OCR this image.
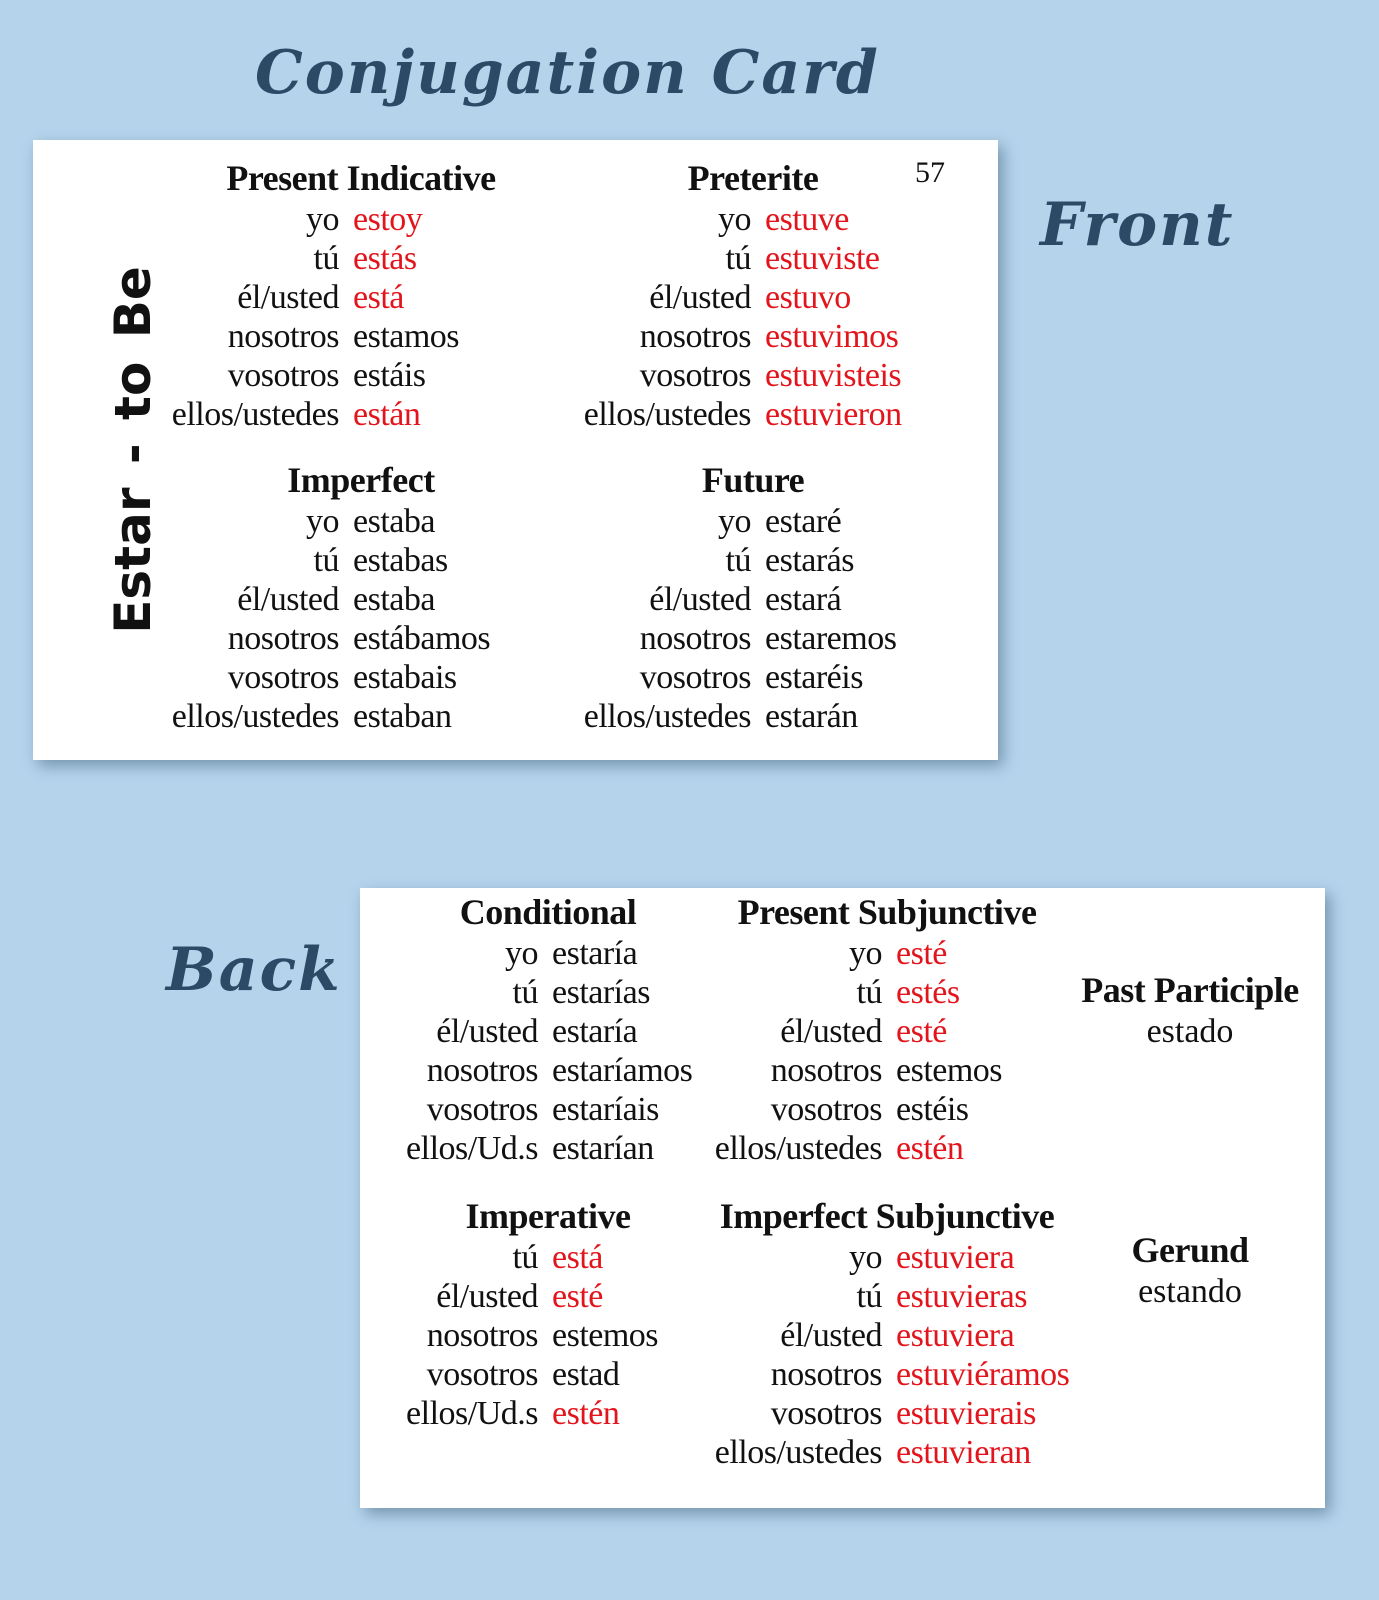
Conjugation Card
Front
Back
Estar - to Be
57
Present Indicative
yo estoy
tú estás
él/usted está
nosotros estamos
vosotros estáis
ellos/ustedes están
Preterite
yo estuve
tú estuviste
él/usted estuvo
nosotros estuvimos
vosotros estuvisteis
ellos/ustedes estuvieron
Imperfect
yo estaba
tú estabas
él/usted estaba
nosotros estábamos
vosotros estabais
ellos/ustedes estaban
Future
yo estaré
tú estarás
él/usted estará
nosotros estaremos
vosotros estaréis
ellos/ustedes estarán
Conditional
yo estaría
tú estarías
él/usted estaría
nosotros estaríamos
vosotros estaríais
ellos/Ud.s estarían
Present Subjunctive
yo esté
tú estés
él/usted esté
nosotros estemos
vosotros estéis
ellos/ustedes estén
Imperative
tú está
él/usted esté
nosotros estemos
vosotros estad
ellos/Ud.s estén
Imperfect Subjunctive
yo estuviera
tú estuvieras
él/usted estuviera
nosotros estuviéramos
vosotros estuvierais
ellos/ustedes estuvieran
Past Participle
estado
Gerund
estando
